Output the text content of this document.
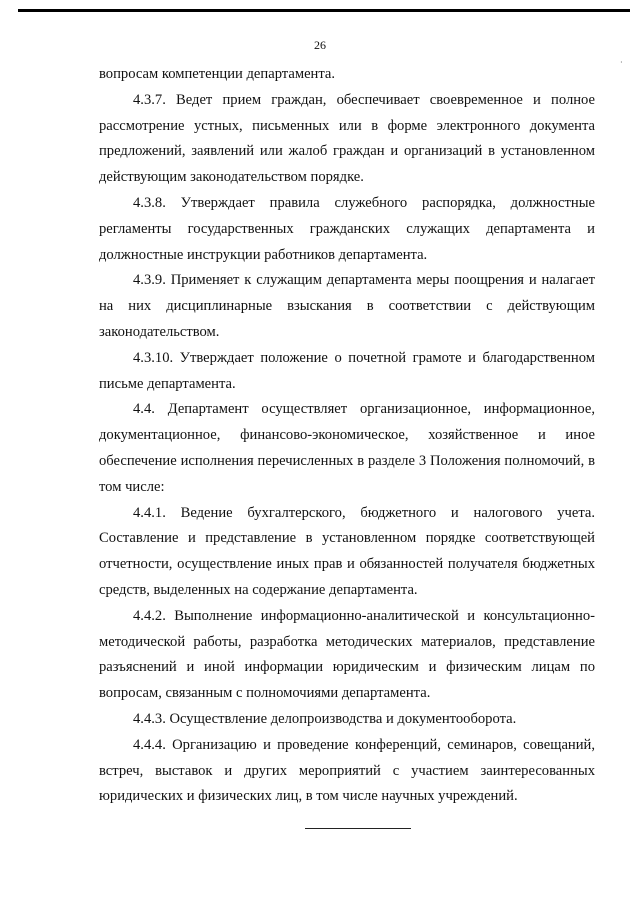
26
·

вопросам компетенции департамента.

4.3.7. Ведет прием граждан, обеспечивает своевременное и полное рассмотрение устных, письменных или в форме электронного документа предложений, заявлений или жалоб граждан и организаций в установленном действующим законодательством порядке.

4.3.8. Утверждает правила служебного распорядка, должностные регламенты государственных гражданских служащих департамента и должностные инструкции работников департамента.

4.3.9. Применяет к служащим департамента меры поощрения и налагает на них дисциплинарные взыскания в соответствии с действующим законодательством.

4.3.10. Утверждает положение о почетной грамоте и благодарственном письме департамента.

4.4. Департамент осуществляет организационное, информационное, документационное, финансово-экономическое, хозяйственное и иное обеспечение исполнения перечисленных в разделе 3 Положения полномочий, в том числе:

4.4.1. Ведение бухгалтерского, бюджетного и налогового учета. Составление и представление в установленном порядке соответствующей отчетности, осуществление иных прав и обязанностей получателя бюджетных средств, выделенных на содержание департамента.

4.4.2. Выполнение информационно-аналитической и консультационно-методической работы, разработка методических материалов, представление разъяснений и иной информации юридическим и физическим лицам по вопросам, связанным с полномочиями департамента.

4.4.3. Осуществление делопроизводства и документооборота.

4.4.4. Организацию и проведение конференций, семинаров, совещаний, встреч, выставок и других мероприятий с участием заинтересованных юридических и физических лиц, в том числе научных учреждений.
